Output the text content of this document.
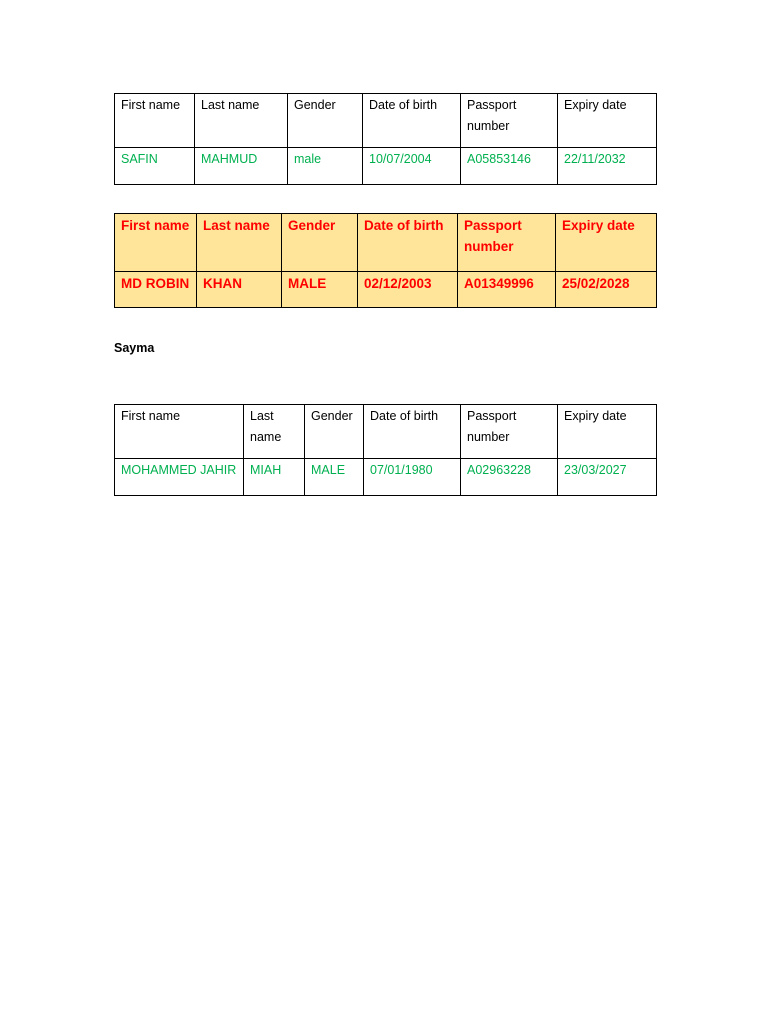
First name	Last name	Gender	Date of birth	Passport number	Expiry date
SAFIN	MAHMUD	male	10/07/2004	A05853146	22/11/2032
First name	Last name	Gender	Date of birth	Passport number	Expiry date
MD ROBIN	KHAN	MALE	02/12/2003	A01349996	25/02/2028
Sayma
First name	Last name	Gender	Date of birth	Passport number	Expiry date
MOHAMMED JAHIR	MIAH	MALE	07/01/1980	A02963228	23/03/2027
